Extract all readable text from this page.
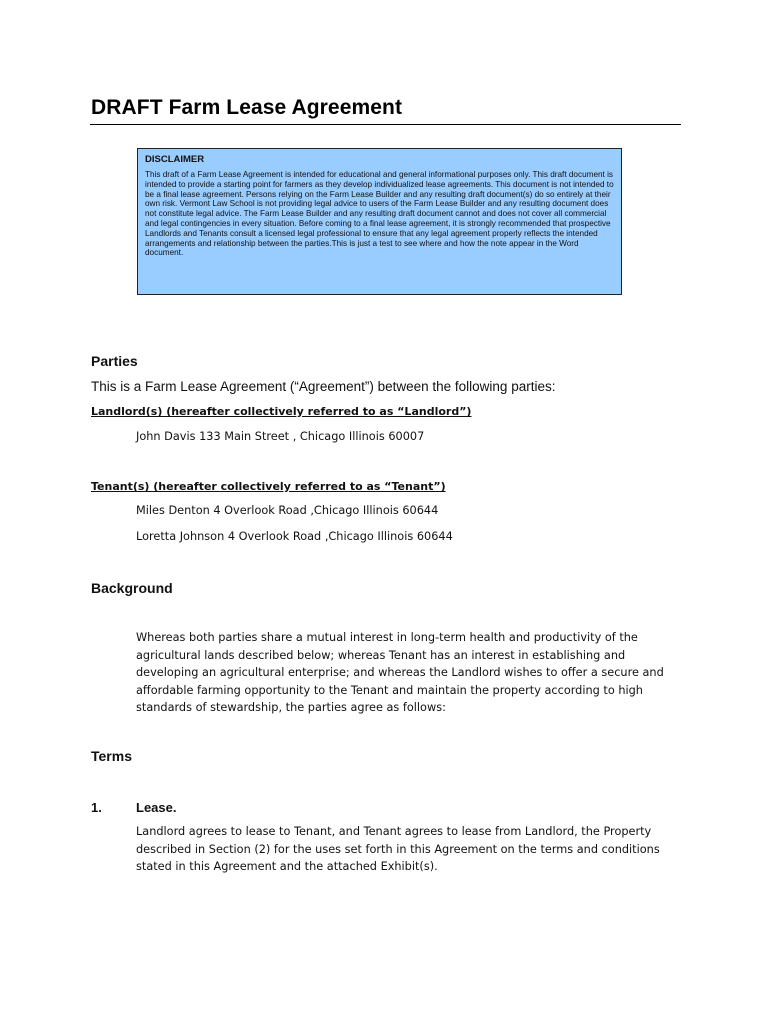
DRAFT Farm Lease Agreement

DISCLAIMER

This draft of a Farm Lease Agreement is intended for educational and general informational purposes only. This draft document is intended to provide a starting point for farmers as they develop individualized lease agreements. This document is not intended to be a final lease agreement. Persons relying on the Farm Lease Builder and any resulting draft document(s) do so entirely at their own risk. Vermont Law School is not providing legal advice to users of the Farm Lease Builder and any resulting document does not constitute legal advice. The Farm Lease Builder and any resulting draft document cannot and does not cover all commercial and legal contingencies in every situation. Before coming to a final lease agreement, it is strongly recommended that prospective Landlords and Tenants consult a licensed legal professional to ensure that any legal agreement properly reflects the intended arrangements and relationship between the parties.This is just a test to see where and how the note appear in the Word document.

Parties
This is a Farm Lease Agreement (“Agreement”) between the following parties:
Landlord(s) (hereafter collectively referred to as “Landlord”)
John Davis 133 Main Street , Chicago Illinois 60007
Tenant(s) (hereafter collectively referred to as “Tenant”)
Miles Denton 4 Overlook Road ,Chicago Illinois 60644
Loretta Johnson 4 Overlook Road ,Chicago Illinois 60644
Background

Whereas both parties share a mutual interest in long-term health and productivity of the agricultural lands described below; whereas Tenant has an interest in establishing and developing an agricultural enterprise; and whereas the Landlord wishes to offer a secure and affordable farming opportunity to the Tenant and maintain the property according to high standards of stewardship, the parties agree as follows:

Terms
1.	Lease.

Landlord agrees to lease to Tenant, and Tenant agrees to lease from Landlord, the Property described in Section (2) for the uses set forth in this Agreement on the terms and conditions stated in this Agreement and the attached Exhibit(s).
